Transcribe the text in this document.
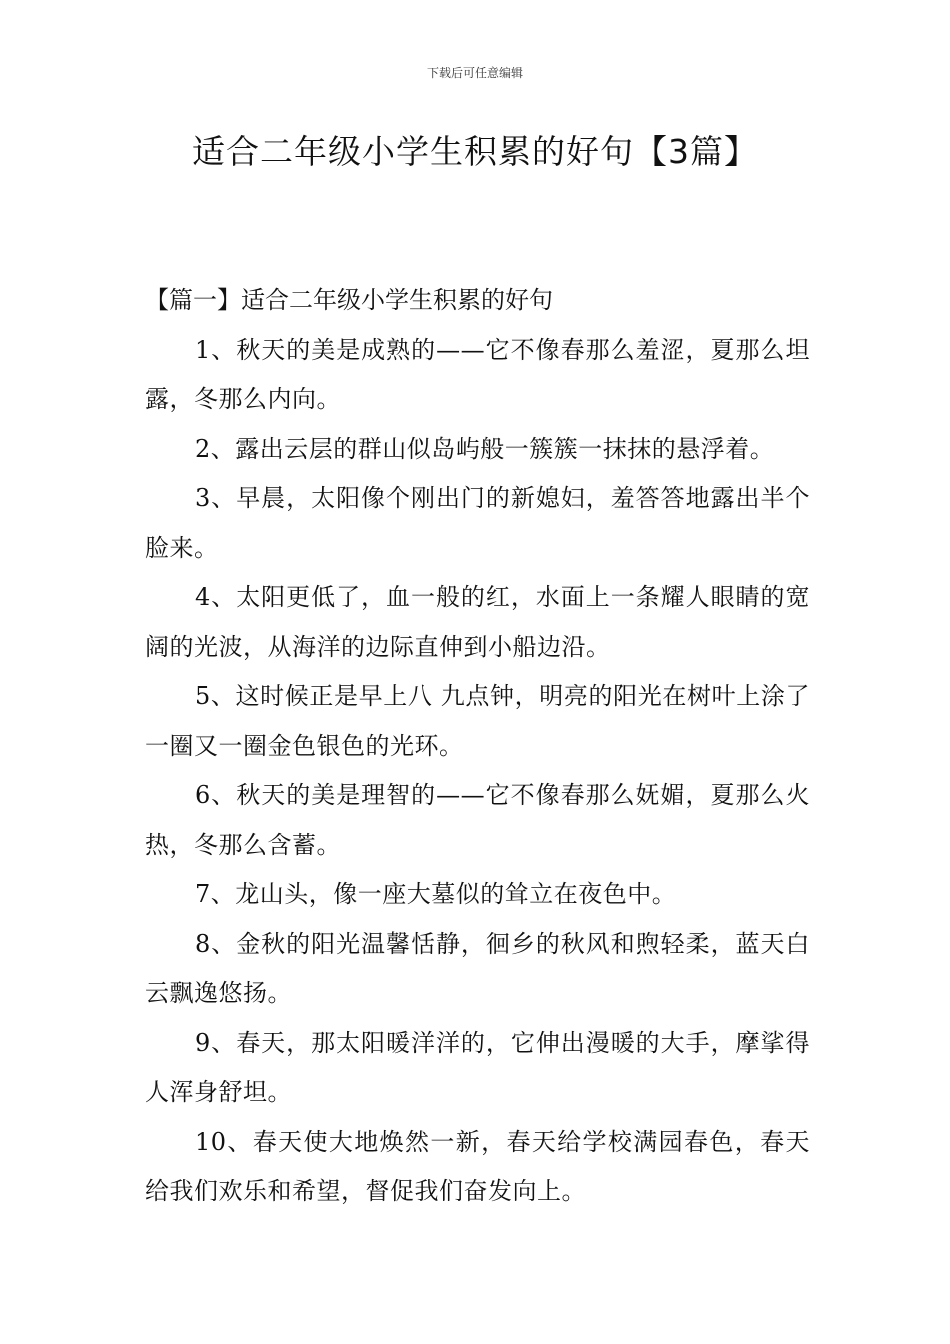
下载后可任意编辑
适合二年级小学生积累的好句【3篇】
【篇一】适合二年级小学生积累的好句

1、秋天的美是成熟的——它不像春那么羞涩，夏那么坦露，冬那么内向。

2、露出云层的群山似岛屿般一簇簇一抹抹的悬浮着。

3、早晨，太阳像个刚出门的新媳妇，羞答答地露出半个脸来。

4、太阳更低了，血一般的红，水面上一条耀人眼睛的宽阔的光波，从海洋的边际直伸到小船边沿。

5、这时候正是早上八 九点钟，明亮的阳光在树叶上涂了一圈又一圈金色银色的光环。

6、秋天的美是理智的——它不像春那么妩媚，夏那么火热，冬那么含蓄。

7、龙山头，像一座大墓似的耸立在夜色中。

8、金秋的阳光温馨恬静，徊乡的秋风和煦轻柔，蓝天白云飘逸悠扬。

9、春天，那太阳暖洋洋的，它伸出漫暖的大手，摩挲得人浑身舒坦。

10、春天使大地焕然一新，春天给学校满园春色，春天给我们欢乐和希望，督促我们奋发向上。
